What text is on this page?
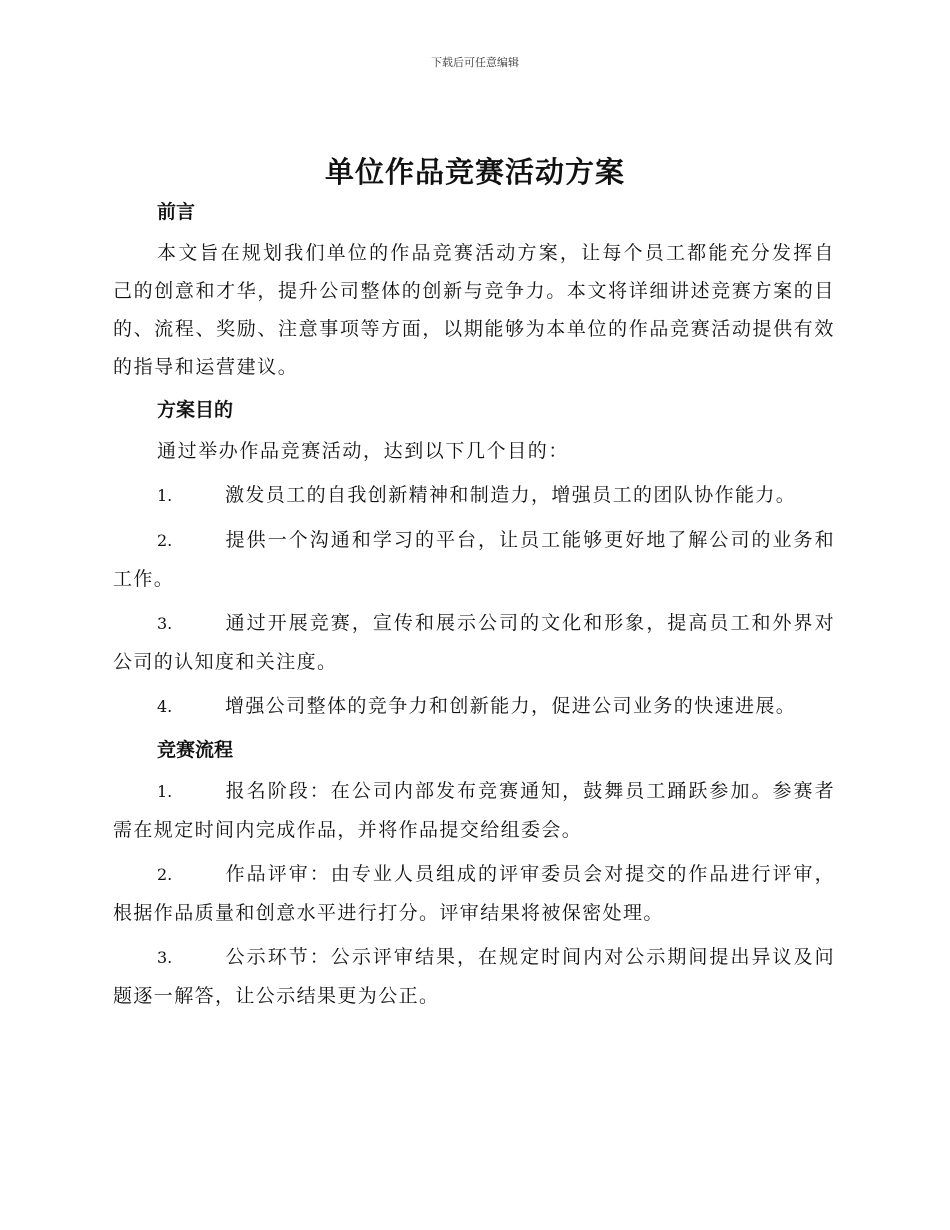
下载后可任意编辑
单位作品竞赛活动方案
前言
本文旨在规划我们单位的作品竞赛活动方案，让每个员工都能充分发挥自己的创意和才华，提升公司整体的创新与竞争力。本文将详细讲述竞赛方案的目的、流程、奖励、注意事项等方面，以期能够为本单位的作品竞赛活动提供有效的指导和运营建议。
方案目的
通过举办作品竞赛活动，达到以下几个目的：
1.	激发员工的自我创新精神和制造力，增强员工的团队协作能力。
2.	提供一个沟通和学习的平台，让员工能够更好地了解公司的业务和工作。
3.	通过开展竞赛，宣传和展示公司的文化和形象，提高员工和外界对公司的认知度和关注度。
4.	增强公司整体的竞争力和创新能力，促进公司业务的快速进展。
竞赛流程
1.	报名阶段：在公司内部发布竞赛通知，鼓舞员工踊跃参加。参赛者需在规定时间内完成作品，并将作品提交给组委会。
2.	作品评审：由专业人员组成的评审委员会对提交的作品进行评审，根据作品质量和创意水平进行打分。评审结果将被保密处理。
3.	公示环节：公示评审结果，在规定时间内对公示期间提出异议及问题逐一解答，让公示结果更为公正。
